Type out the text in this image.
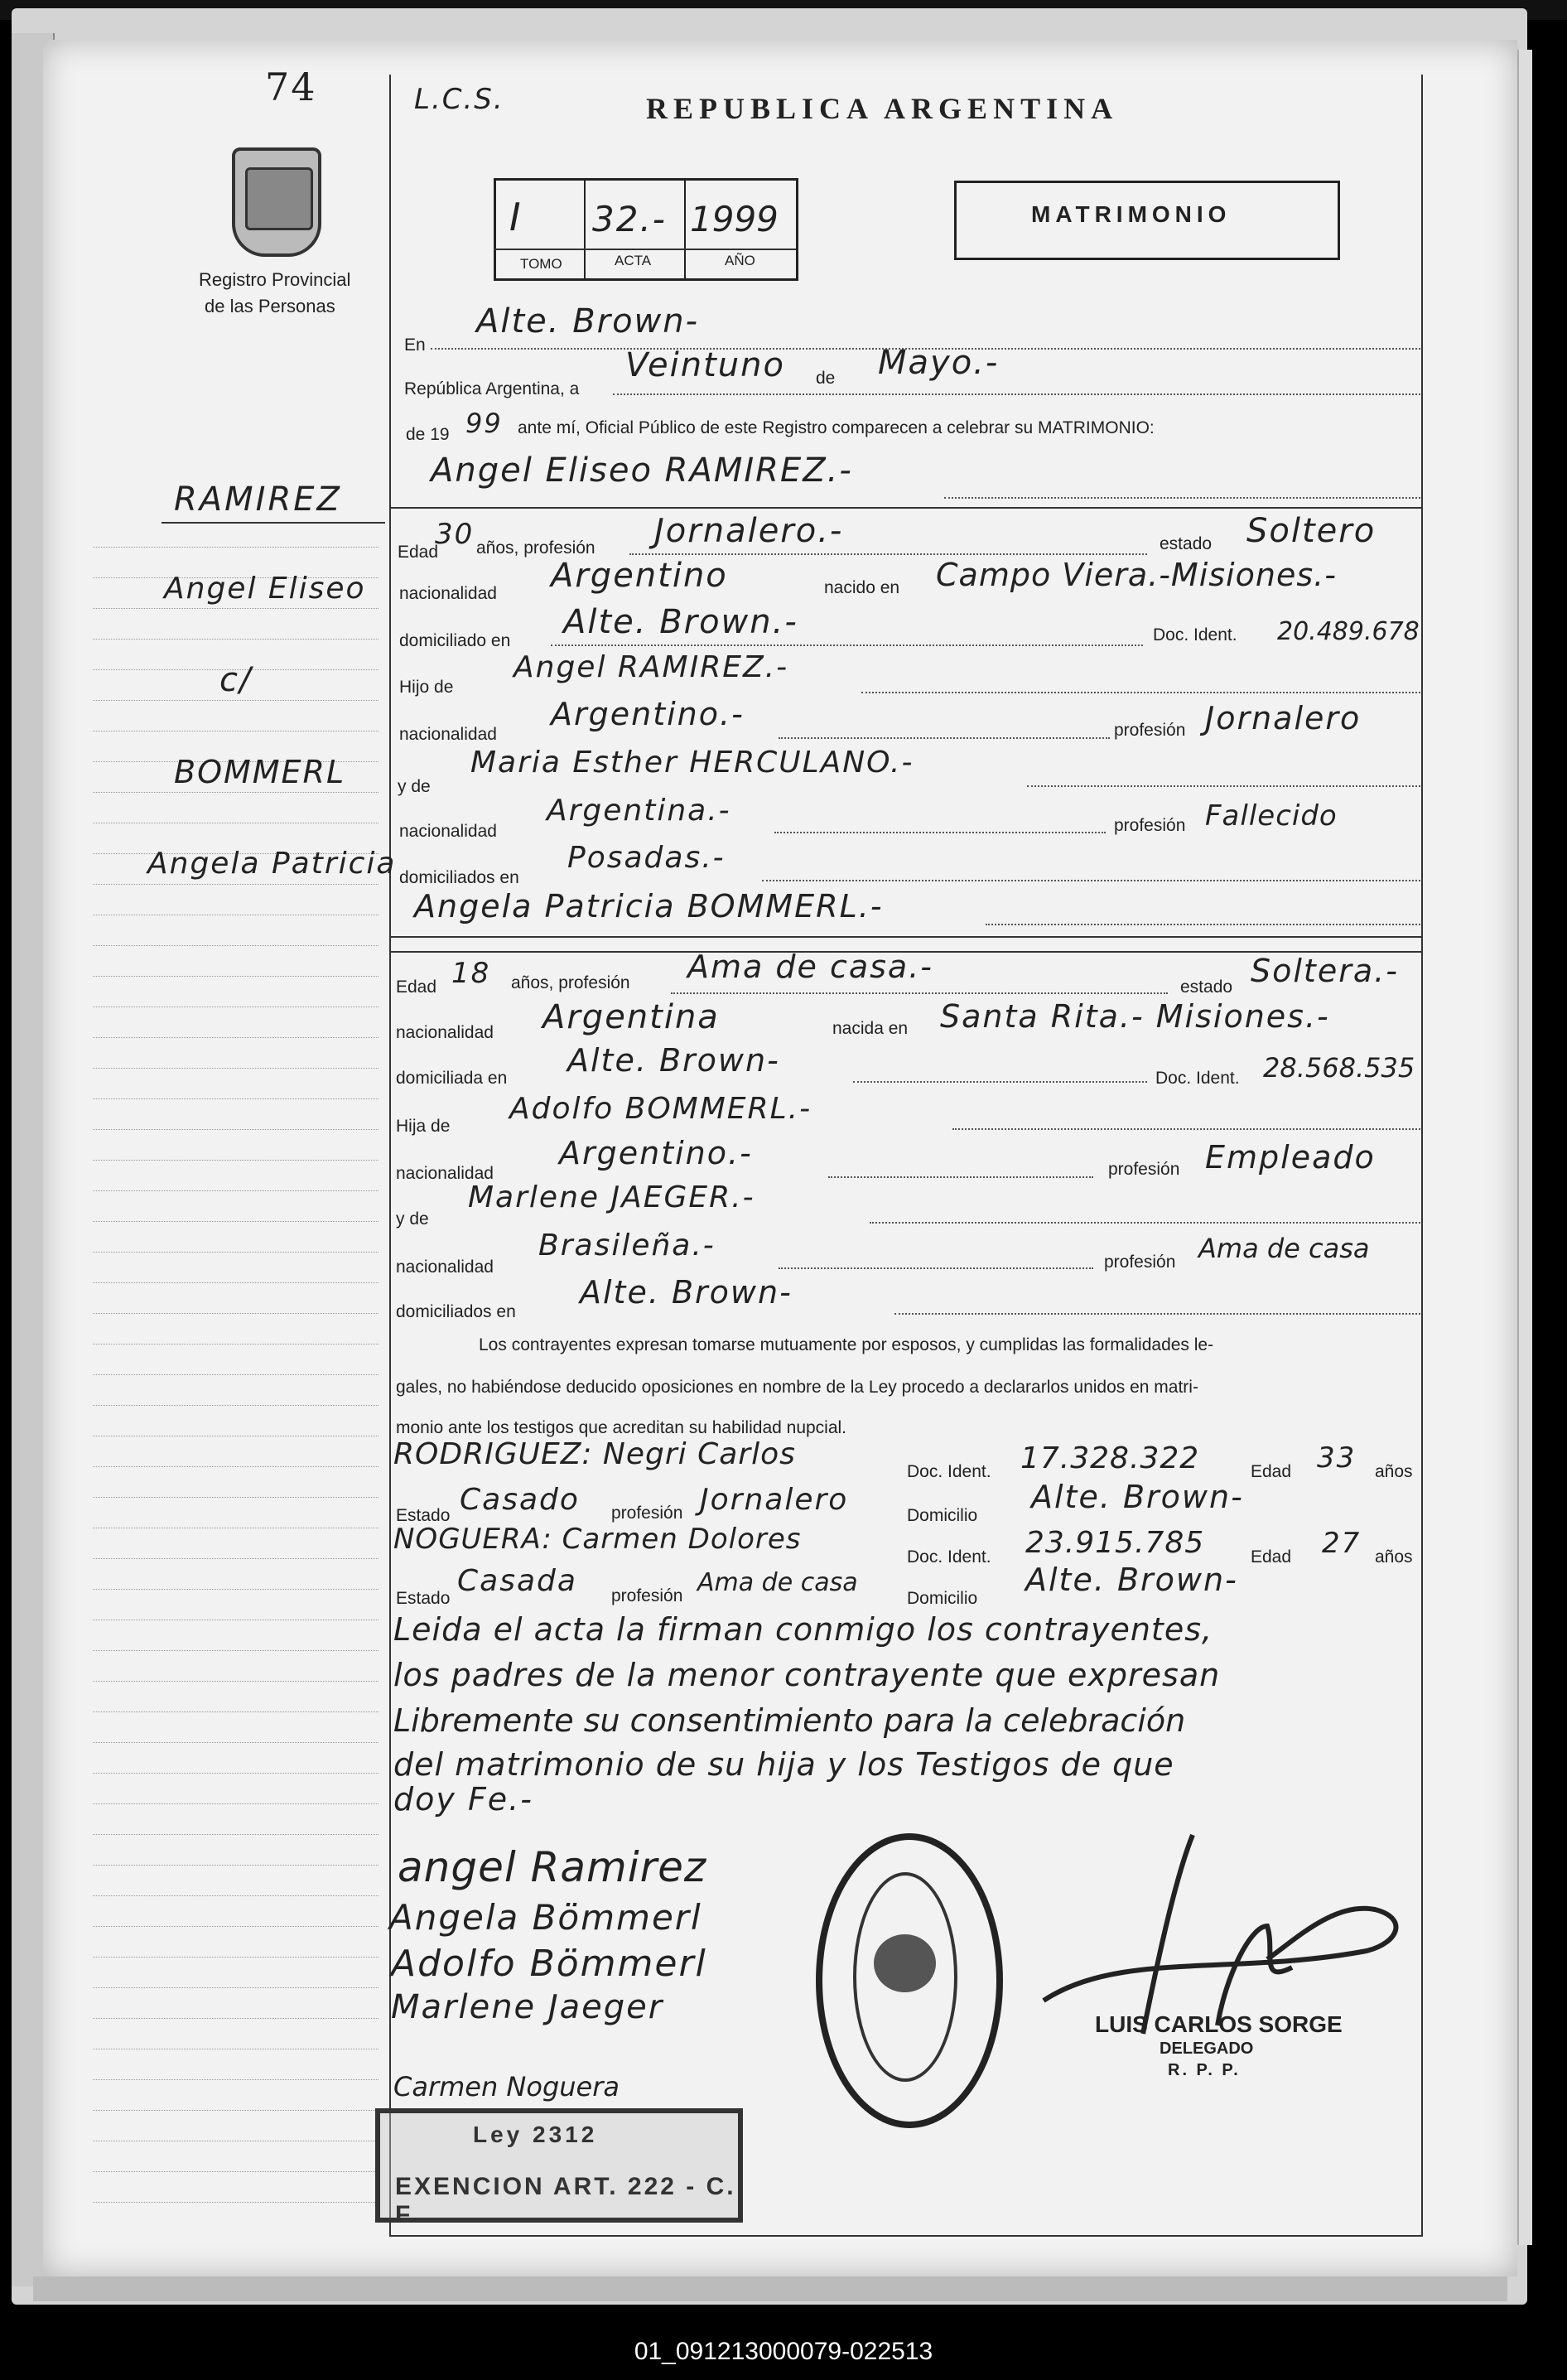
74
Registro Provincial
de las Personas
L.C.S.	REPUBLICA ARGENTINA
I 32.- 1999
TOMO	ACTA	AÑO
MATRIMONIO
RAMIREZ
Angel Eliseo
c/
BOMMERL
Angela Patricia
En
Alte. Brown-
República Argentina, a
Veintuno de Mayo.-
de 19 99 ante mí, Oficial Público de este Registro comparecen a celebrar su MATRIMONIO:
Angel Eliseo RAMIREZ.-
Edad
30 años, profesión Jornalero.-	estado Soltero
nacionalidad Argentino	nacido en Campo Viera.-Misiones.-
domiciliado en Alte. Brown.-	Doc. Ident. 20.489.678
Hijo de
Angel RAMIREZ.-
nacionalidad
Argentino.-	profesión Jornalero
y de
Maria Esther HERCULANO.-
nacionalidad
Argentina.-	profesión Fallecido
domiciliados en
Posadas.-
Angela Patricia BOMMERL.-
Edad 18 años, profesión Ama de casa.-
estado Soltera.-
nacionalidad Argentina	nacida en Santa Rita.- Misiones.-
domiciliada en Alte. Brown-	Doc. Ident. 28.568.535
Hija de
Adolfo BOMMERL.-
nacionalidad
Argentino.-	profesión Empleado
y de
Marlene JAEGER.-
nacionalidad
Brasileña.-	profesión Ama de casa
domiciliados en
Alte. Brown-
Los contrayentes expresan tomarse mutuamente por esposos, y cumplidas las formalidades le-
gales, no habiéndose deducido oposiciones en nombre de la Ley procedo a declararlos unidos en matri-
monio ante los testigos que acreditan su habilidad nupcial.
RODRIGUEZ: Negri Carlos
Doc. Ident. 17.328.322	Edad 33 años
Estado Casado profesión Jornalero	Domicilio
Alte. Brown-
NOGUERA: Carmen Dolores
Doc. Ident. 23.915.785	Edad 27 años
Estado
Casada profesión Ama de casa
Domicilio
Alte. Brown-
Leida el acta la firman conmigo los contrayentes,
los padres de la menor contrayente que expresan
Libremente su consentimiento para la celebración
del matrimonio de su hija y los Testigos de que
doy Fe.-
angel Ramirez
Angela Bömmerl
Adolfo Bömmerl
Marlene Jaeger
Carmen Noguera
LUIS CARLOS SORGE
DELEGADO
R. P. P.
Ley 2312
EXENCION ART. 222 - C. F.
01_091213000079-022513
